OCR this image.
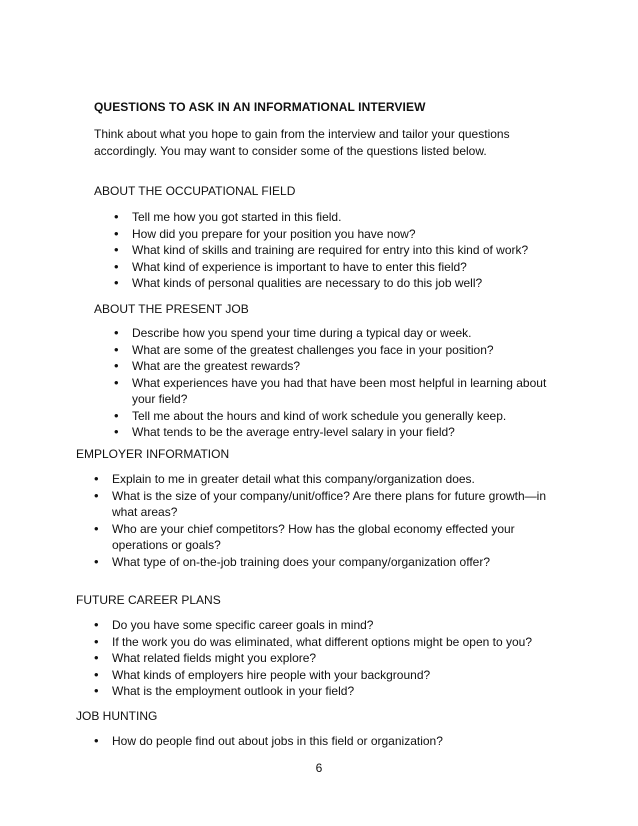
QUESTIONS TO ASK IN AN INFORMATIONAL INTERVIEW
Think about what you hope to gain from the interview and tailor your questions accordingly. You may want to consider some of the questions listed below.
ABOUT THE OCCUPATIONAL FIELD
• Tell me how you got started in this field.
• How did you prepare for your position you have now?
• What kind of skills and training are required for entry into this kind of work?
• What kind of experience is important to have to enter this field?
• What kinds of personal qualities are necessary to do this job well?
ABOUT THE PRESENT JOB
• Describe how you spend your time during a typical day or week.
• What are some of the greatest challenges you face in your position?
• What are the greatest rewards?
• What experiences have you had that have been most helpful in learning about your field?
• Tell me about the hours and kind of work schedule you generally keep.
• What tends to be the average entry-level salary in your field?
EMPLOYER INFORMATION
• Explain to me in greater detail what this company/organization does.
• What is the size of your company/unit/office? Are there plans for future growth—in what areas?
• Who are your chief competitors? How has the global economy effected your operations or goals?
• What type of on-the-job training does your company/organization offer?
FUTURE CAREER PLANS
• Do you have some specific career goals in mind?
• If the work you do was eliminated, what different options might be open to you?
• What related fields might you explore?
• What kinds of employers hire people with your background?
• What is the employment outlook in your field?
JOB HUNTING
• How do people find out about jobs in this field or organization?
6
